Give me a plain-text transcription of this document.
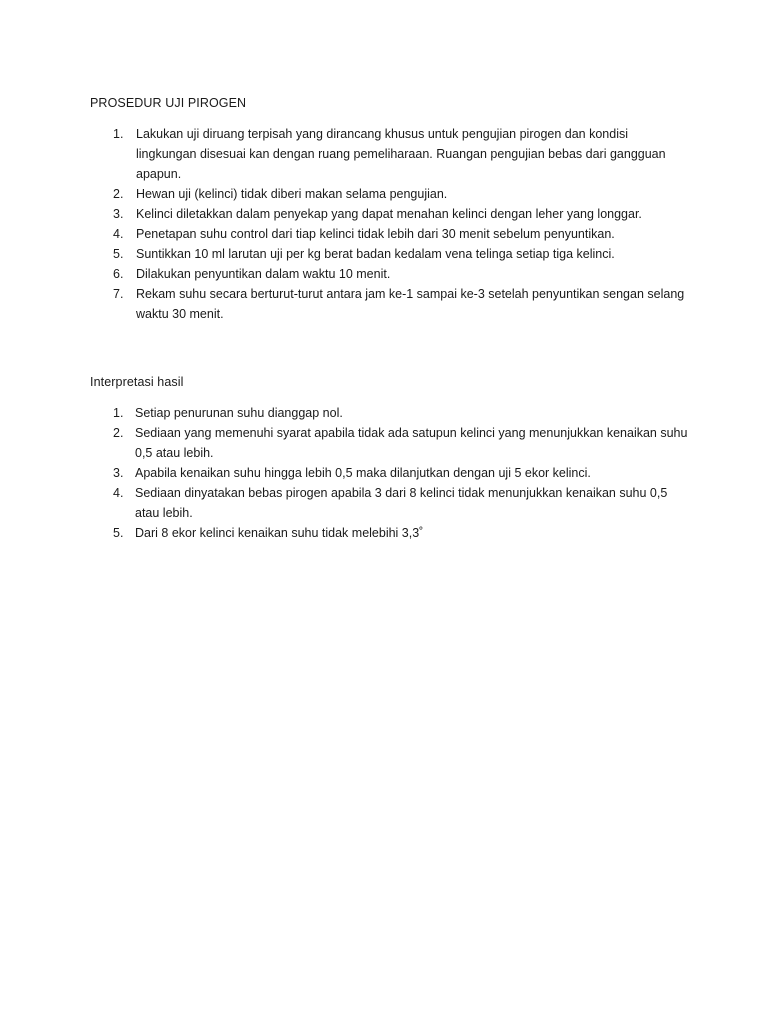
PROSEDUR UJI PIROGEN
1. Lakukan uji diruang terpisah yang dirancang khusus untuk pengujian pirogen dan kondisi lingkungan disesuai kan dengan ruang pemeliharaan. Ruangan pengujian bebas dari gangguan apapun.
2. Hewan uji (kelinci) tidak diberi makan selama pengujian.
3. Kelinci diletakkan dalam penyekap yang dapat menahan kelinci dengan leher yang longgar.
4. Penetapan suhu control dari tiap kelinci tidak lebih dari 30 menit sebelum penyuntikan.
5. Suntikkan 10 ml larutan uji per kg berat badan kedalam vena telinga setiap tiga kelinci.
6. Dilakukan penyuntikan dalam waktu 10 menit.
7. Rekam suhu secara berturut-turut antara jam ke-1 sampai ke-3 setelah penyuntikan sengan selang waktu 30 menit.
Interpretasi hasil
1. Setiap penurunan suhu dianggap nol.
2. Sediaan yang memenuhi syarat apabila tidak ada satupun kelinci yang menunjukkan kenaikan suhu 0,5 atau lebih.
3. Apabila kenaikan suhu hingga lebih 0,5 maka dilanjutkan dengan uji 5 ekor kelinci.
4. Sediaan dinyatakan bebas pirogen apabila 3 dari 8 kelinci tidak menunjukkan kenaikan suhu 0,5 atau lebih.
5. Dari 8 ekor kelinci kenaikan suhu tidak melebihi 3,3˚
